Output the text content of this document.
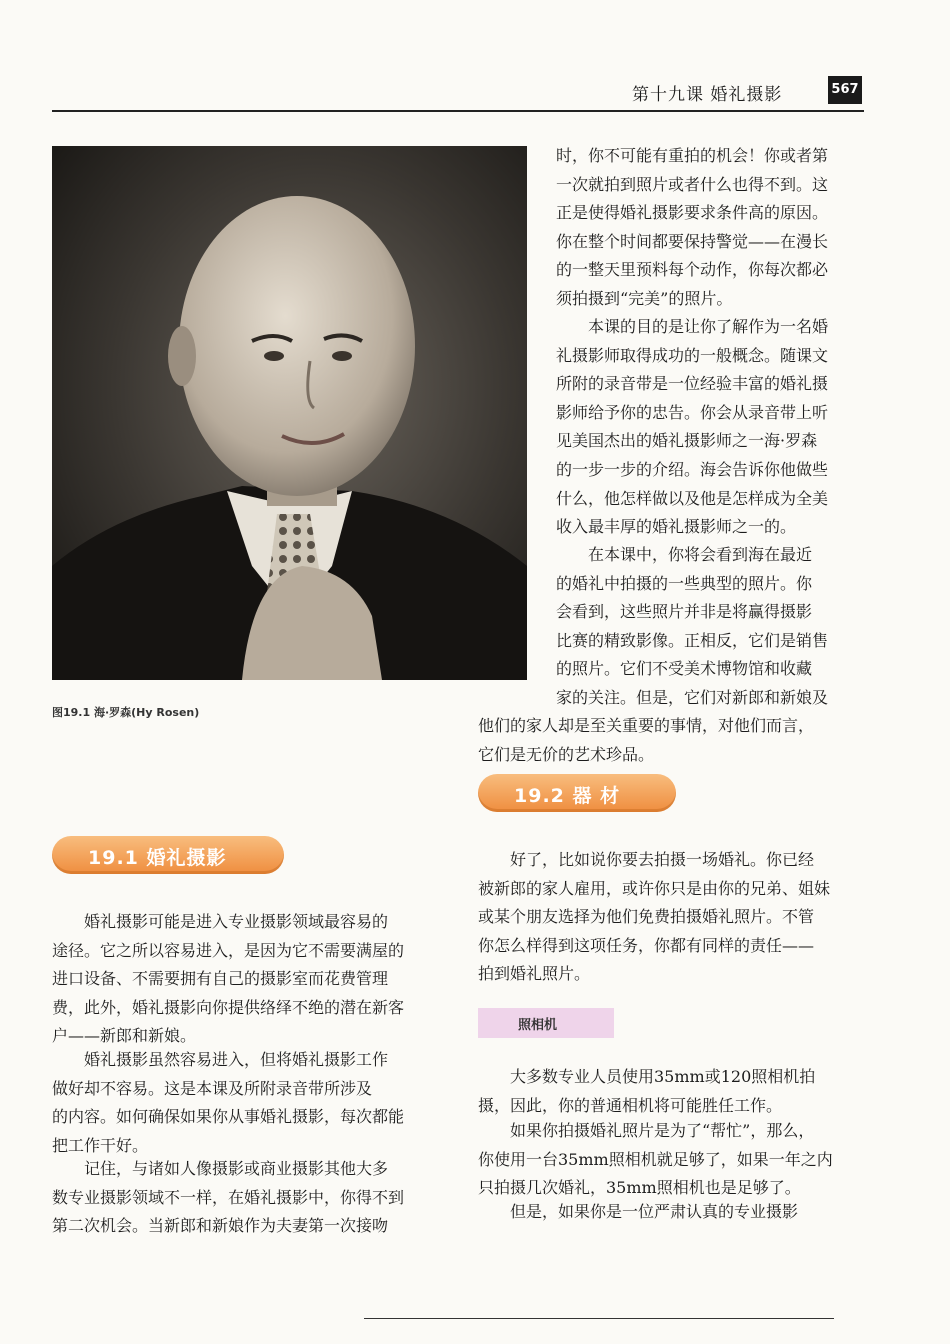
第十九课 婚礼摄影	567
图19.1 海·罗森(Hy Rosen)

时，你不可能有重拍的机会！你或者第
一次就拍到照片或者什么也得不到。这
正是使得婚礼摄影要求条件高的原因。
你在整个时间都要保持警觉——在漫长
的一整天里预料每个动作，你每次都必
须拍摄到“完美”的照片。

本课的目的是让你了解作为一名婚
礼摄影师取得成功的一般概念。随课文
所附的录音带是一位经验丰富的婚礼摄
影师给予你的忠告。你会从录音带上听
见美国杰出的婚礼摄影师之一海·罗森
的一步一步的介绍。海会告诉你他做些
什么，他怎样做以及他是怎样成为全美
收入最丰厚的婚礼摄影师之一的。

在本课中，你将会看到海在最近
的婚礼中拍摄的一些典型的照片。你
会看到，这些照片并非是将赢得摄影
比赛的精致影像。正相反，它们是销售
的照片。它们不受美术博物馆和收藏
家的关注。但是，它们对新郎和新娘及

他们的家人却是至关重要的事情，对他们而言，
它们是无价的艺术珍品。

19.2 器 材
19.1 婚礼摄影

婚礼摄影可能是进入专业摄影领域最容易的
途径。它之所以容易进入，是因为它不需要满屋的
进口设备、不需要拥有自己的摄影室而花费管理
费，此外，婚礼摄影向你提供络绎不绝的潜在新客
户——新郎和新娘。

婚礼摄影虽然容易进入，但将婚礼摄影工作
做好却不容易。这是本课及所附录音带所涉及
的内容。如何确保如果你从事婚礼摄影，每次都能
把工作干好。

记住，与诸如人像摄影或商业摄影其他大多
数专业摄影领域不一样，在婚礼摄影中，你得不到
第二次机会。当新郎和新娘作为夫妻第一次接吻

好了，比如说你要去拍摄一场婚礼。你已经
被新郎的家人雇用，或许你只是由你的兄弟、姐妹
或某个朋友选择为他们免费拍摄婚礼照片。不管
你怎么样得到这项任务，你都有同样的责任——
拍到婚礼照片。

照相机

大多数专业人员使用35mm或120照相机拍
摄，因此，你的普通相机将可能胜任工作。

如果你拍摄婚礼照片是为了“帮忙”，那么，
你使用一台35mm照相机就足够了，如果一年之内
只拍摄几次婚礼，35mm照相机也是足够了。

但是，如果你是一位严肃认真的专业摄影
